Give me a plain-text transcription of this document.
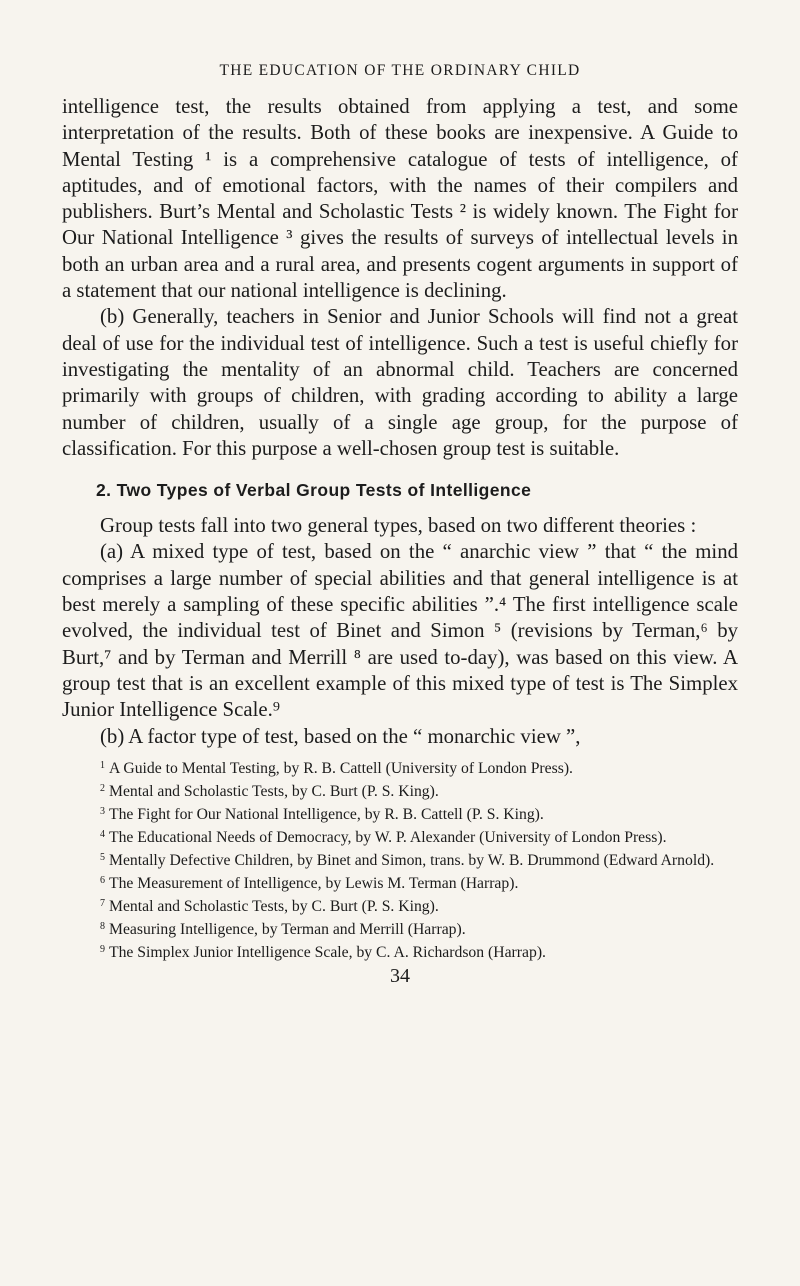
THE EDUCATION OF THE ORDINARY CHILD

intelligence test, the results obtained from applying a test, and some interpretation of the results. Both of these books are inexpensive. A Guide to Mental Testing ¹ is a comprehensive catalogue of tests of intelligence, of aptitudes, and of emotional factors, with the names of their compilers and publishers. Burt’s Mental and Scholastic Tests ² is widely known. The Fight for Our National Intelligence ³ gives the results of surveys of intellectual levels in both an urban area and a rural area, and presents cogent arguments in support of a statement that our national intelligence is declining.

(b) Generally, teachers in Senior and Junior Schools will find not a great deal of use for the individual test of intelligence. Such a test is useful chiefly for investigating the mentality of an abnormal child. Teachers are concerned primarily with groups of children, with grading according to ability a large number of children, usually of a single age group, for the purpose of classification. For this purpose a well-chosen group test is suitable.

2. Two Types of Verbal Group Tests of Intelligence

Group tests fall into two general types, based on two different theories :

(a) A mixed type of test, based on the “ anarchic view ” that “ the mind comprises a large number of special abilities and that general intelligence is at best merely a sampling of these specific abilities ”.⁴ The first intelligence scale evolved, the individual test of Binet and Simon ⁵ (revisions by Terman,⁶ by Burt,⁷ and by Terman and Merrill ⁸ are used to-day), was based on this view. A group test that is an excellent example of this mixed type of test is The Simplex Junior Intelligence Scale.⁹

(b) A factor type of test, based on the “ monarchic view ”,

$^1$ A Guide to Mental Testing, by R. B. Cattell (University of London Press).

$^2$ Mental and Scholastic Tests, by C. Burt (P. S. King).

$^3$ The Fight for Our National Intelligence, by R. B. Cattell (P. S. King).

$^4$ The Educational Needs of Democracy, by W. P. Alexander (University of London Press).

$^5$ Mentally Defective Children, by Binet and Simon, trans. by W. B. Drummond (Edward Arnold).

$^6$ The Measurement of Intelligence, by Lewis M. Terman (Harrap).

$^7$ Mental and Scholastic Tests, by C. Burt (P. S. King).

$^8$ Measuring Intelligence, by Terman and Merrill (Harrap).

$^9$ The Simplex Junior Intelligence Scale, by C. A. Richardson (Harrap).

34
